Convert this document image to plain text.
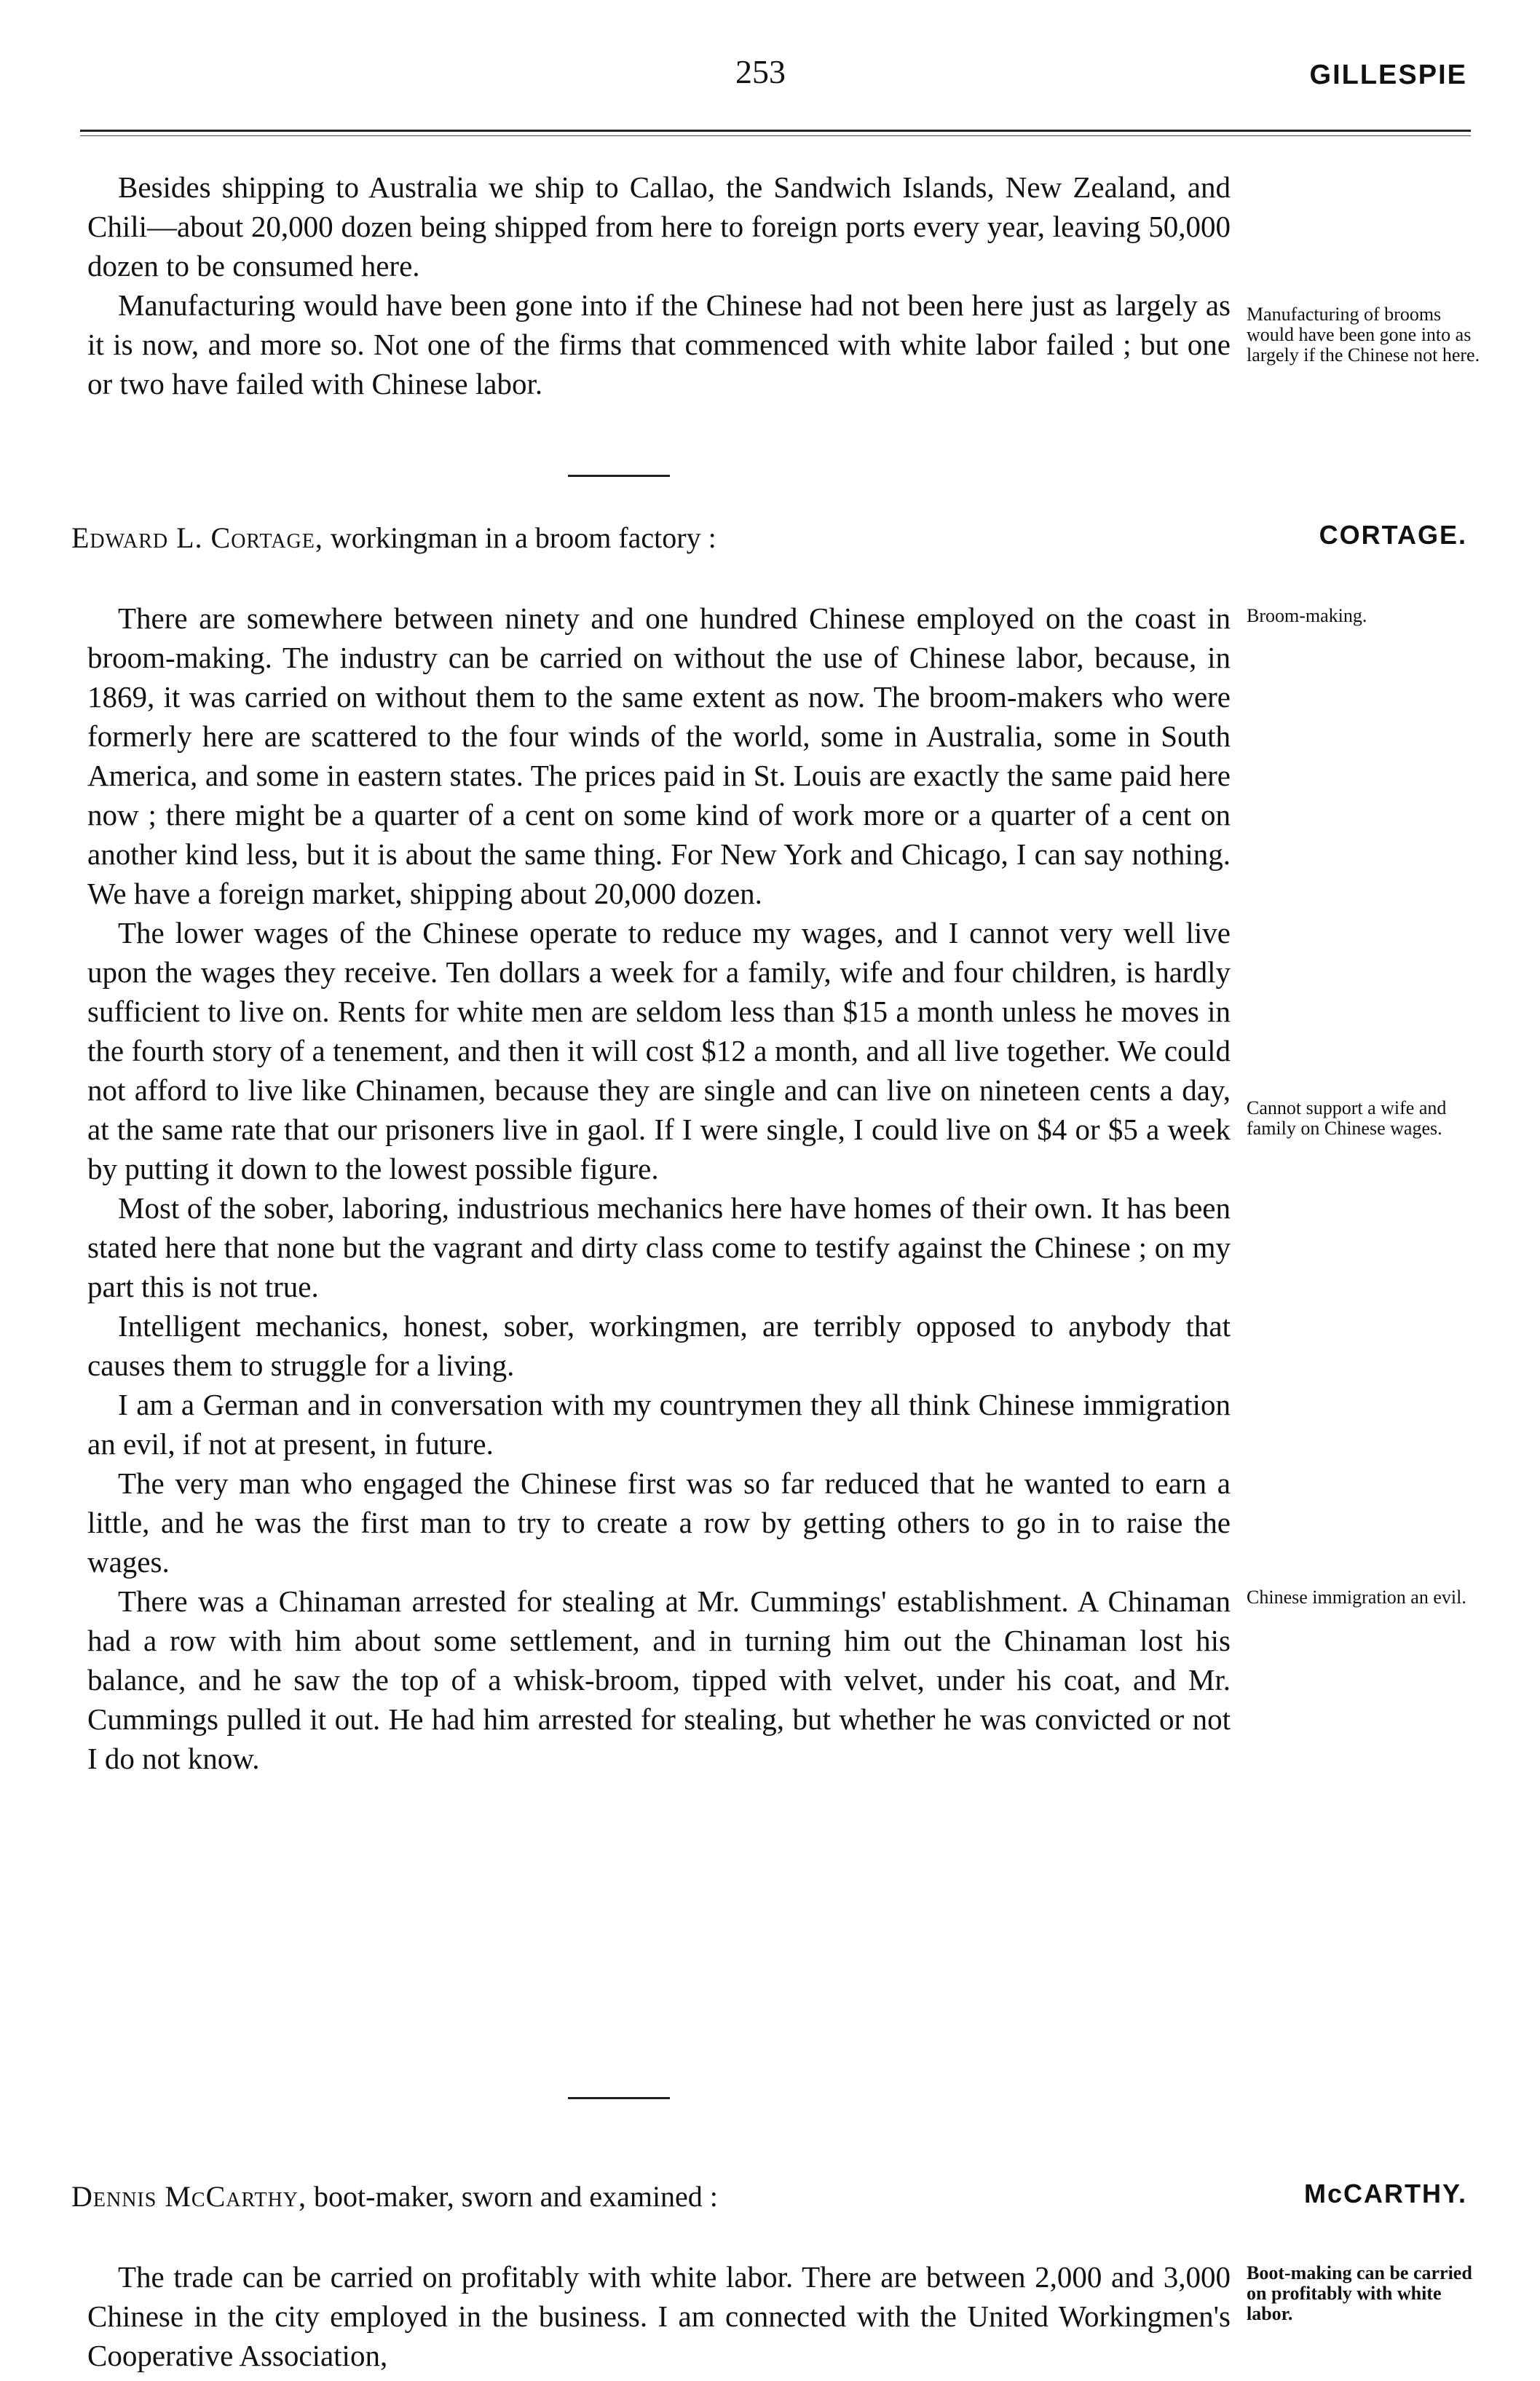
253	GILLESPIE

Besides shipping to Australia we ship to Callao, the Sandwich Islands, New Zealand, and Chili—about 20,000 dozen being shipped from here to foreign ports every year, leaving 50,000 dozen to be consumed here.

Manufacturing would have been gone into if the Chinese had not been here just as largely as it is now, and more so. Not one of the firms that commenced with white labor failed ; but one or two have failed with Chinese labor.

Manufacturing of brooms would have been gone into as largely if the Chinese not here.
Edward L. Cortage, workingman in a broom factory :	CORTAGE.

There are somewhere between ninety and one hundred Chinese employed on the coast in broom-making. The industry can be carried on without the use of Chinese labor, because, in 1869, it was carried on without them to the same extent as now. The broom-makers who were formerly here are scattered to the four winds of the world, some in Australia, some in South America, and some in eastern states. The prices paid in St. Louis are exactly the same paid here now ; there might be a quarter of a cent on some kind of work more or a quarter of a cent on another kind less, but it is about the same thing. For New York and Chicago, I can say nothing. We have a foreign market, shipping about 20,000 dozen.

The lower wages of the Chinese operate to reduce my wages, and I cannot very well live upon the wages they receive. Ten dollars a week for a family, wife and four children, is hardly sufficient to live on. Rents for white men are seldom less than $15 a month unless he moves in the fourth story of a tenement, and then it will cost $12 a month, and all live together. We could not afford to live like Chinamen, because they are single and can live on nineteen cents a day, at the same rate that our prisoners live in gaol. If I were single, I could live on $4 or $5 a week by putting it down to the lowest possible figure.

Most of the sober, laboring, industrious mechanics here have homes of their own. It has been stated here that none but the vagrant and dirty class come to testify against the Chinese ; on my part this is not true.

Intelligent mechanics, honest, sober, workingmen, are terribly opposed to anybody that causes them to struggle for a living.

I am a German and in conversation with my countrymen they all think Chinese immigration an evil, if not at present, in future.

The very man who engaged the Chinese first was so far reduced that he wanted to earn a little, and he was the first man to try to create a row by getting others to go in to raise the wages.

There was a Chinaman arrested for stealing at Mr. Cummings' establishment. A Chinaman had a row with him about some settlement, and in turning him out the Chinaman lost his balance, and he saw the top of a whisk-broom, tipped with velvet, under his coat, and Mr. Cummings pulled it out. He had him arrested for stealing, but whether he was convicted or not I do not know.

Broom-making.
Cannot support a wife and family on Chinese wages.
Chinese immigration an evil.
Dennis McCarthy, boot-maker, sworn and examined :	McCARTHY.

The trade can be carried on profitably with white labor. There are between 2,000 and 3,000 Chinese in the city employed in the business. I am connected with the United Workingmen's Cooperative Association,

Boot-making can be carried on profitably with white labor.
